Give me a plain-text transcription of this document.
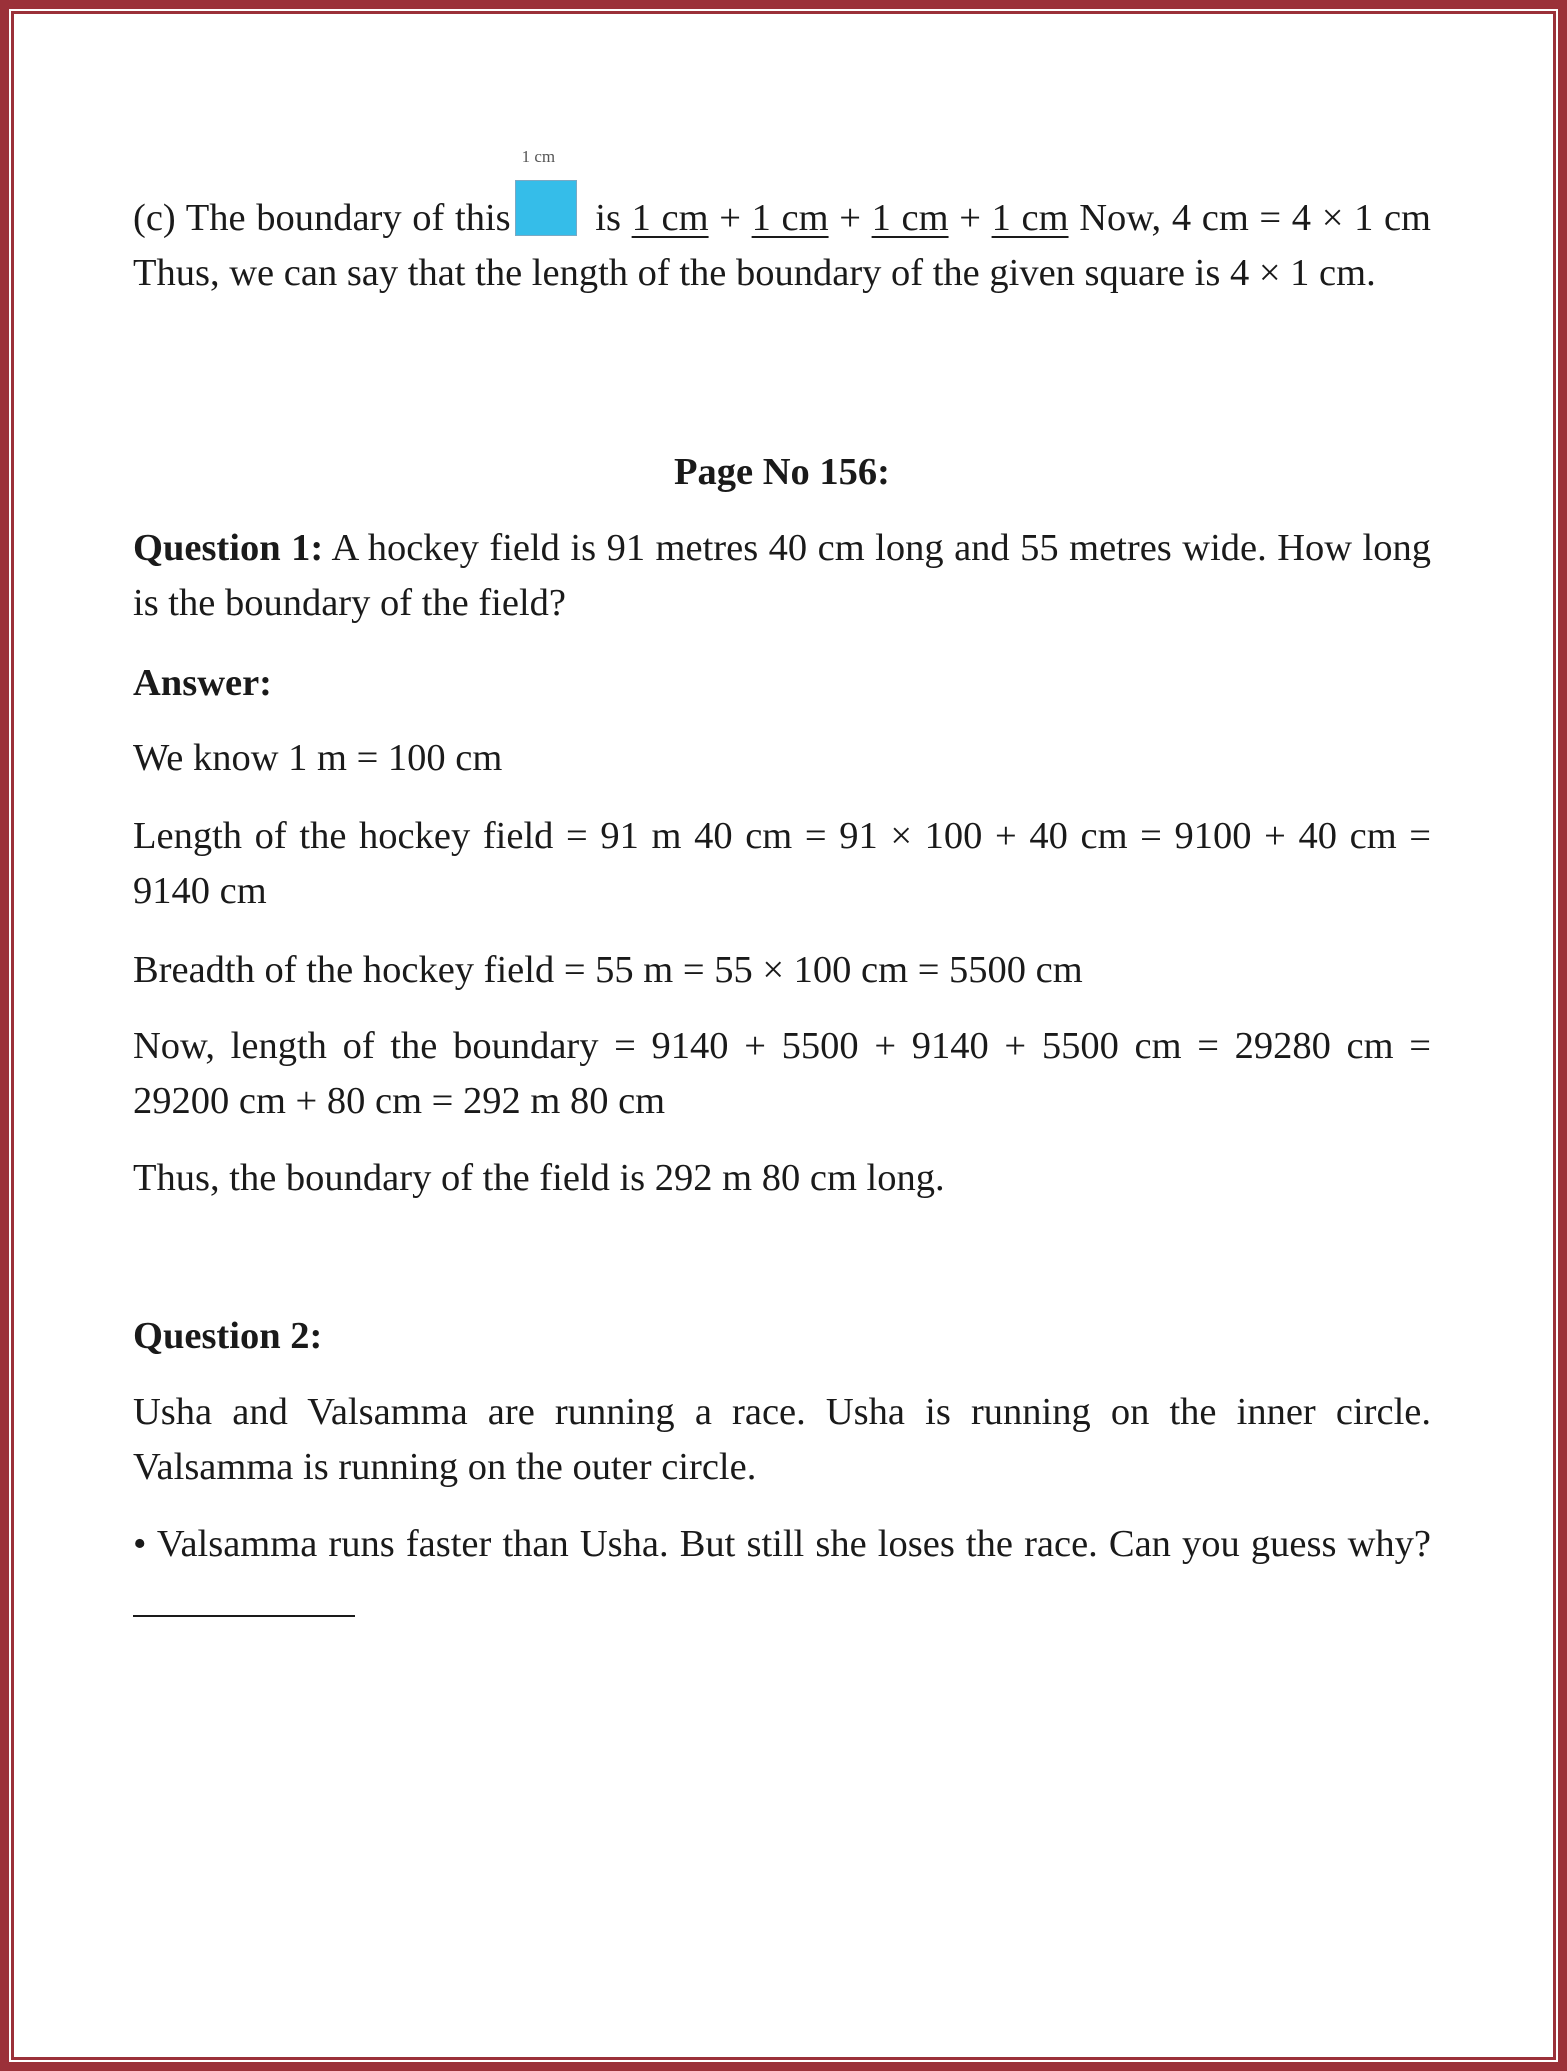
(c) The boundary of this
1 cm
is 1 cm + 1 cm + 1 cm + 1 cm Now, 4 cm = 4 × 1 cm Thus, we can say that the length of the boundary of the given square is 4 × 1 cm.
Page No 156:
Question 1: A hockey field is 91 metres 40 cm long and 55 metres wide. How long is the boundary of the field?
Answer:
We know 1 m = 100 cm
Length of the hockey field = 91 m 40 cm = 91 × 100 + 40 cm = 9100 + 40 cm = 9140 cm
Breadth of the hockey field = 55 m = 55 × 100 cm = 5500 cm
Now, length of the boundary = 9140 + 5500 + 9140 + 5500 cm = 29280 cm = 29200 cm + 80 cm = 292 m 80 cm
Thus, the boundary of the field is 292 m 80 cm long.
Question 2:
Usha and Valsamma are running a race. Usha is running on the inner circle. Valsamma is running on the outer circle.
• Valsamma runs faster than Usha. But still she loses the race. Can you guess why?
